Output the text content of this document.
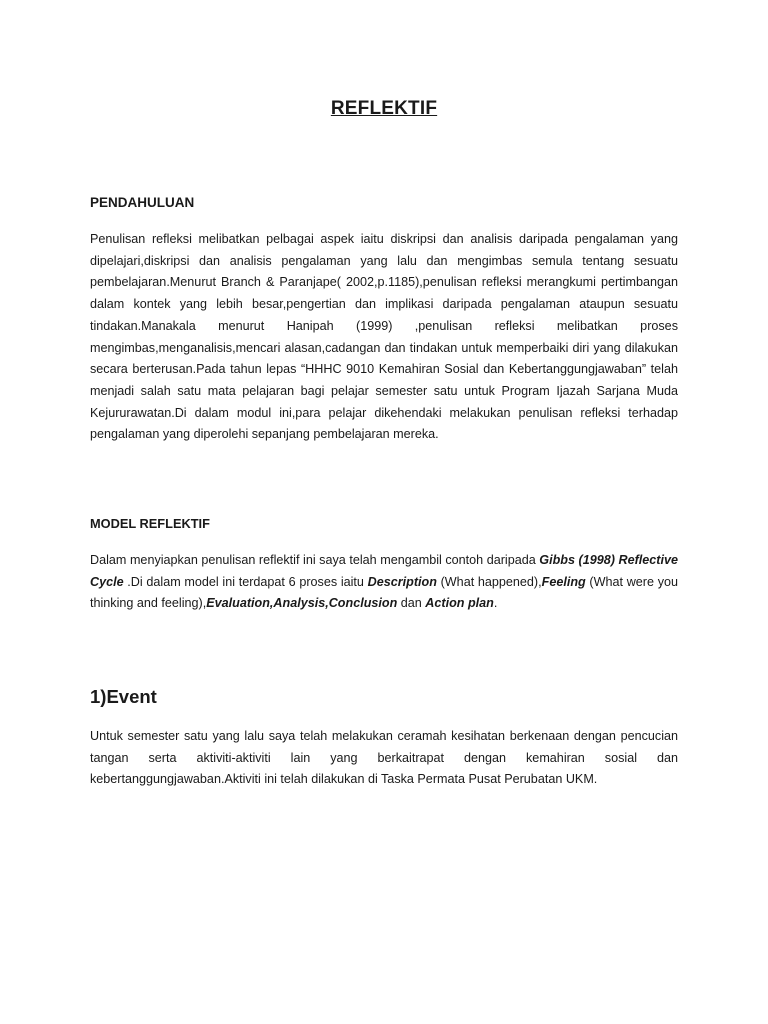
REFLEKTIF
PENDAHULUAN
Penulisan refleksi melibatkan pelbagai aspek iaitu diskripsi dan analisis daripada pengalaman yang dipelajari,diskripsi dan analisis pengalaman yang lalu dan mengimbas semula tentang sesuatu pembelajaran.Menurut Branch & Paranjape( 2002,p.1185),penulisan refleksi merangkumi pertimbangan dalam kontek yang lebih besar,pengertian dan implikasi daripada pengalaman ataupun sesuatu tindakan.Manakala menurut Hanipah (1999) ,penulisan refleksi melibatkan proses mengimbas,menganalisis,mencari alasan,cadangan dan tindakan untuk memperbaiki diri yang dilakukan secara berterusan.Pada tahun lepas “HHHC 9010 Kemahiran Sosial dan Kebertanggungjawaban” telah menjadi salah satu mata pelajaran bagi pelajar semester satu untuk Program Ijazah Sarjana Muda Kejururawatan.Di dalam modul ini,para pelajar dikehendaki melakukan penulisan refleksi terhadap pengalaman yang diperolehi sepanjang pembelajaran mereka.
MODEL REFLEKTIF
Dalam menyiapkan penulisan reflektif ini saya telah mengambil contoh daripada Gibbs (1998) Reflective Cycle .Di dalam model ini terdapat 6 proses iaitu Description (What happened),Feeling (What were you thinking and feeling),Evaluation,Analysis,Conclusion dan Action plan.
1)Event
Untuk semester satu yang lalu saya telah melakukan ceramah kesihatan berkenaan dengan pencucian tangan serta aktiviti-aktiviti lain yang berkaitrapat dengan kemahiran sosial dan kebertanggungjawaban.Aktiviti ini telah dilakukan di Taska Permata Pusat Perubatan UKM.
